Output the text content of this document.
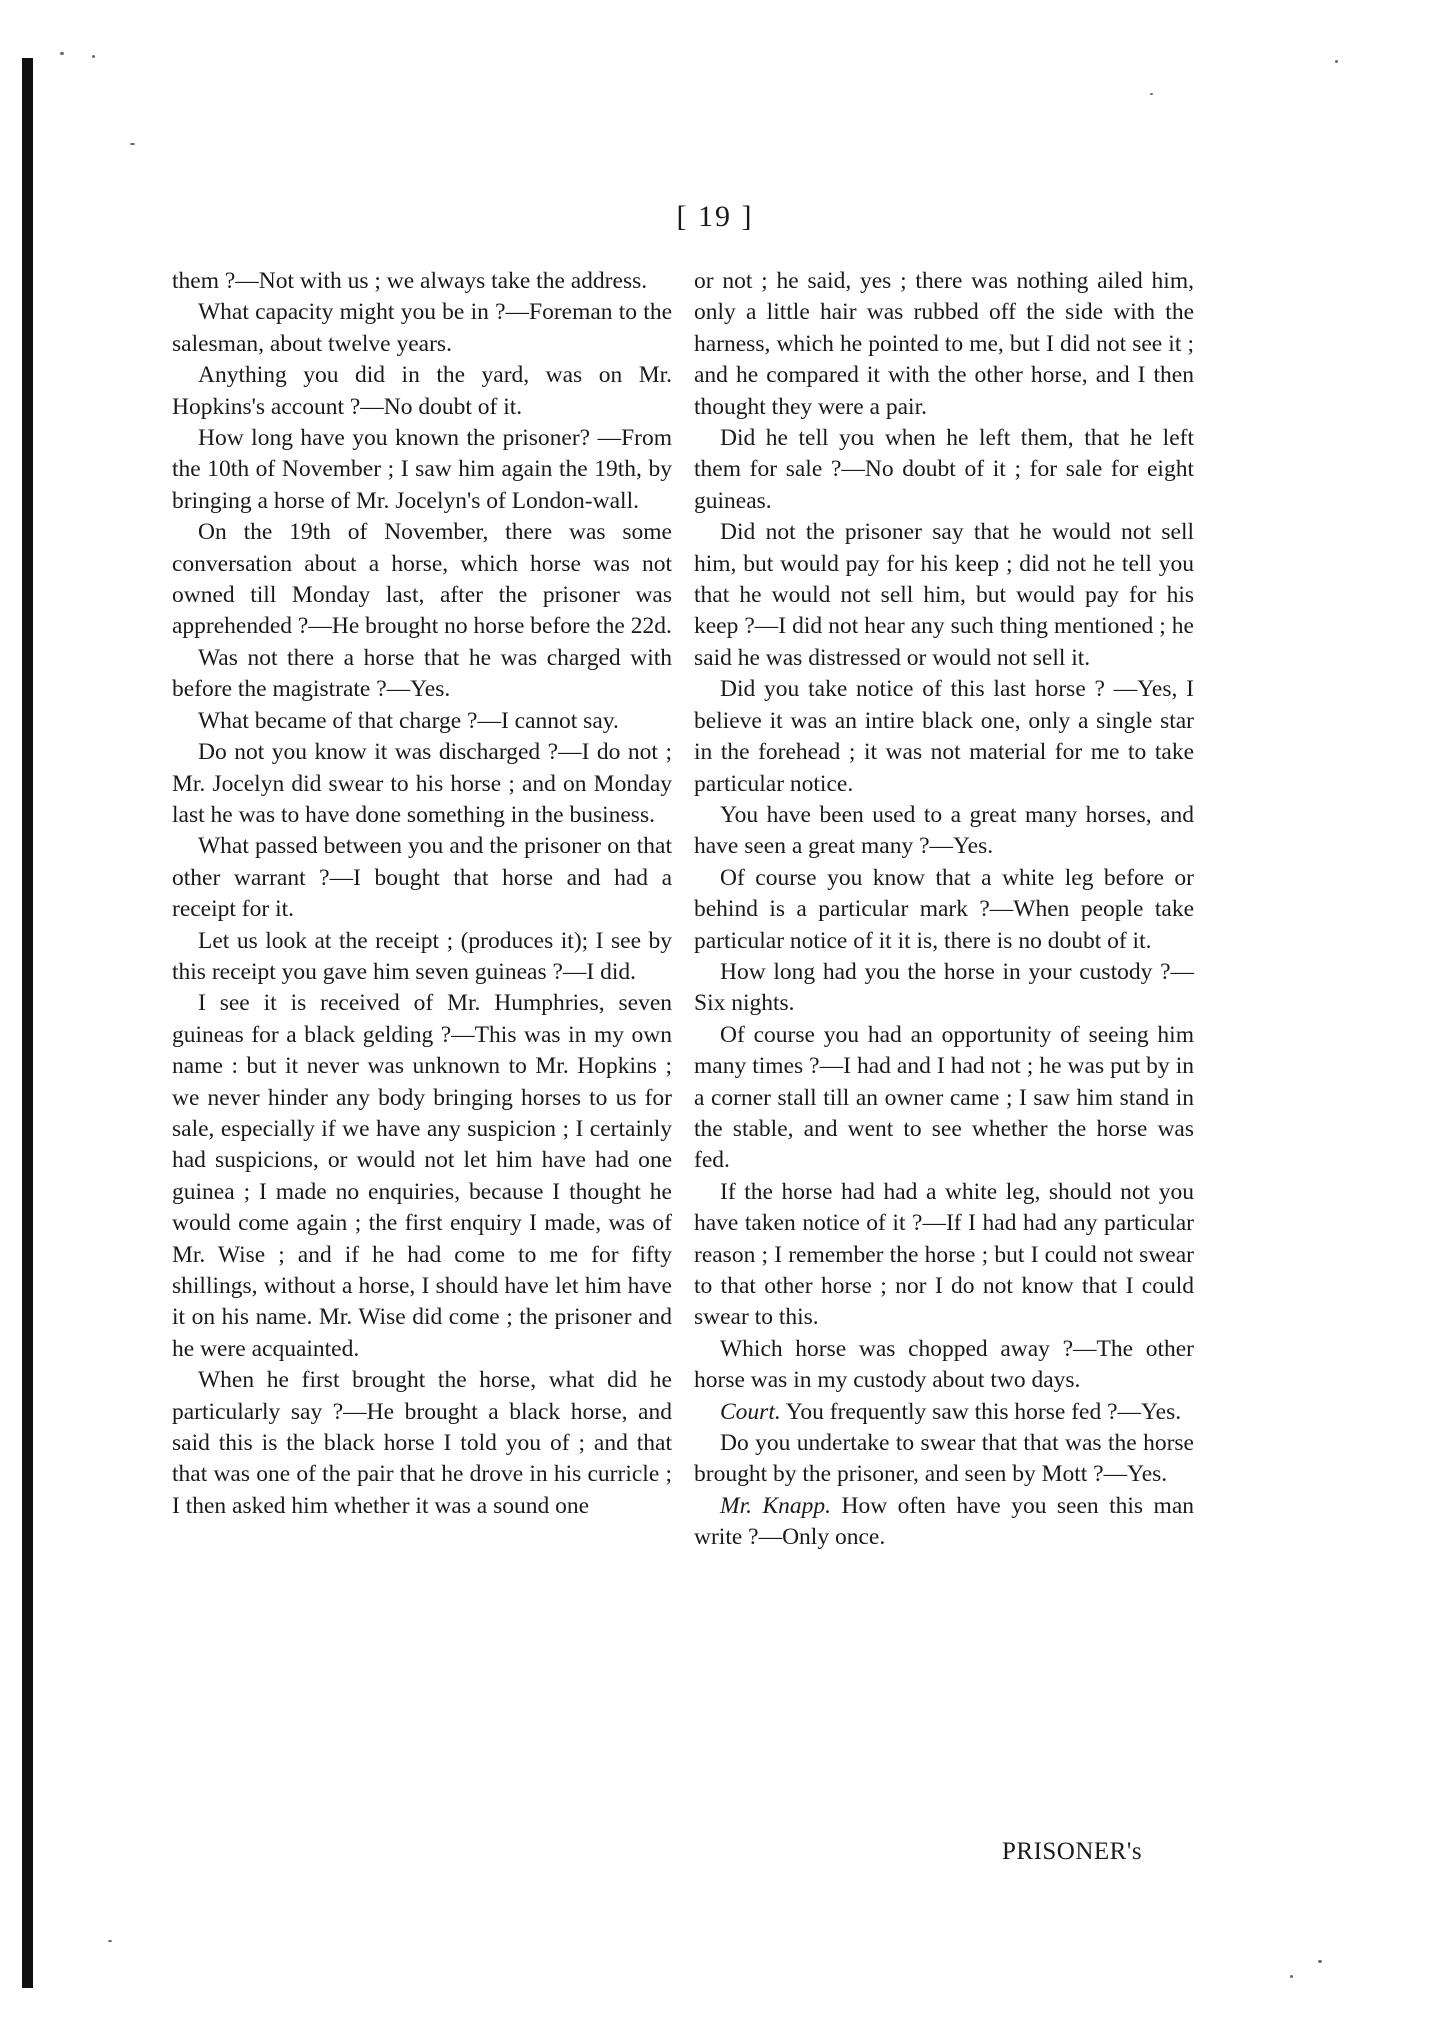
[ 19 ]

them ?—Not with us ; we always take the address.

What capacity might you be in ?—Foreman to the salesman, about twelve years.

Anything you did in the yard, was on Mr. Hopkins's account ?—No doubt of it.

How long have you known the prisoner? —From the 10th of November ; I saw him again the 19th, by bringing a horse of Mr. Jocelyn's of London-wall.

On the 19th of November, there was some conversation about a horse, which horse was not owned till Monday last, after the prisoner was apprehended ?—He brought no horse before the 22d.

Was not there a horse that he was charged with before the magistrate ?—Yes.

What became of that charge ?—I cannot say.

Do not you know it was discharged ?—I do not ; Mr. Jocelyn did swear to his horse ; and on Monday last he was to have done something in the business.

What passed between you and the prisoner on that other warrant ?—I bought that horse and had a receipt for it.

Let us look at the receipt ; (produces it); I see by this receipt you gave him seven guineas ?—I did.

I see it is received of Mr. Humphries, seven guineas for a black gelding ?—This was in my own name : but it never was unknown to Mr. Hopkins ; we never hinder any body bringing horses to us for sale, especially if we have any suspicion ; I certainly had suspicions, or would not let him have had one guinea ; I made no enquiries, because I thought he would come again ; the first enquiry I made, was of Mr. Wise ; and if he had come to me for fifty shillings, without a horse, I should have let him have it on his name. Mr. Wise did come ; the prisoner and he were acquainted.

When he first brought the horse, what did he particularly say ?—He brought a black horse, and said this is the black horse I told you of ; and that that was one of the pair that he drove in his curricle ; I then asked him whether it was a sound one

or not ; he said, yes ; there was nothing ailed him, only a little hair was rubbed off the side with the harness, which he pointed to me, but I did not see it ; and he compared it with the other horse, and I then thought they were a pair.

Did he tell you when he left them, that he left them for sale ?—No doubt of it ; for sale for eight guineas.

Did not the prisoner say that he would not sell him, but would pay for his keep ; did not he tell you that he would not sell him, but would pay for his keep ?—I did not hear any such thing mentioned ; he said he was distressed or would not sell it.

Did you take notice of this last horse ? —Yes, I believe it was an intire black one, only a single star in the forehead ; it was not material for me to take particular notice.

You have been used to a great many horses, and have seen a great many ?—Yes.

Of course you know that a white leg before or behind is a particular mark ?—When people take particular notice of it it is, there is no doubt of it.

How long had you the horse in your custody ?—Six nights.

Of course you had an opportunity of seeing him many times ?—I had and I had not ; he was put by in a corner stall till an owner came ; I saw him stand in the stable, and went to see whether the horse was fed.

If the horse had had a white leg, should not you have taken notice of it ?—If I had had any particular reason ; I remember the horse ; but I could not swear to that other horse ; nor I do not know that I could swear to this.

Which horse was chopped away ?—The other horse was in my custody about two days.

Court. You frequently saw this horse fed ?—Yes.

Do you undertake to swear that that was the horse brought by the prisoner, and seen by Mott ?—Yes.

Mr. Knapp. How often have you seen this man write ?—Only once.

PRISONER's
